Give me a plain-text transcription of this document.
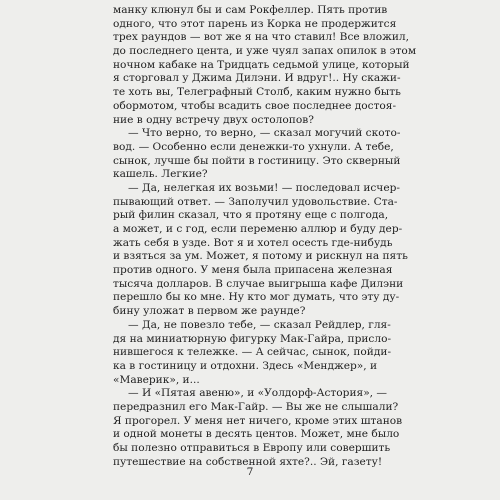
манку клюнул бы и сам Рокфеллер. Пять против
одного, что этот парень из Корка не продержится
трех раундов — вот же я на что ставил! Все вложил,
до последнего цента, и уже чуял запах опилок в этом
ночном кабаке на Тридцать седьмой улице, который
я сторговал у Джима Дилэни. И вдруг!.. Ну скажи-
те хоть вы, Телеграфный Столб, каким нужно быть
обормотом, чтобы всадить свое последнее достоя-
ние в одну встречу двух остолопов?
— Что верно, то верно, — сказал могучий ското-
вод. — Особенно если денежки-то ухнули. А тебе,
сынок, лучше бы пойти в гостиницу. Это скверный
кашель. Легкие?
— Да, нелегкая их возьми! — последовал исчер-
пывающий ответ. — Заполучил удовольствие. Ста-
рый филин сказал, что я протяну еще с полгода,
а может, и с год, если переменю аллюр и буду дер-
жать себя в узде. Вот я и хотел осесть где-нибудь
и взяться за ум. Может, я потому и рискнул на пять
против одного. У меня была припасена железная
тысяча долларов. В случае выигрыша кафе Дилэни
перешло бы ко мне. Ну кто мог думать, что эту ду-
бину уложат в первом же раунде?
— Да, не повезло тебе, — сказал Рейдлер, гля-
дя на миниатюрную фигурку Мак-Гайра, присло-
нившегося к тележке. — А сейчас, сынок, пойди-
ка в гостиницу и отдохни. Здесь «Менджер», и
«Маверик», и...
— И «Пятая авеню», и «Уолдорф-Астория», —
передразнил его Мак-Гайр. — Вы же не слышали?
Я прогорел. У меня нет ничего, кроме этих штанов
и одной монеты в десять центов. Может, мне было
бы полезно отправиться в Европу или совершить
путешествие на собственной яхте?.. Эй, газету!
7
